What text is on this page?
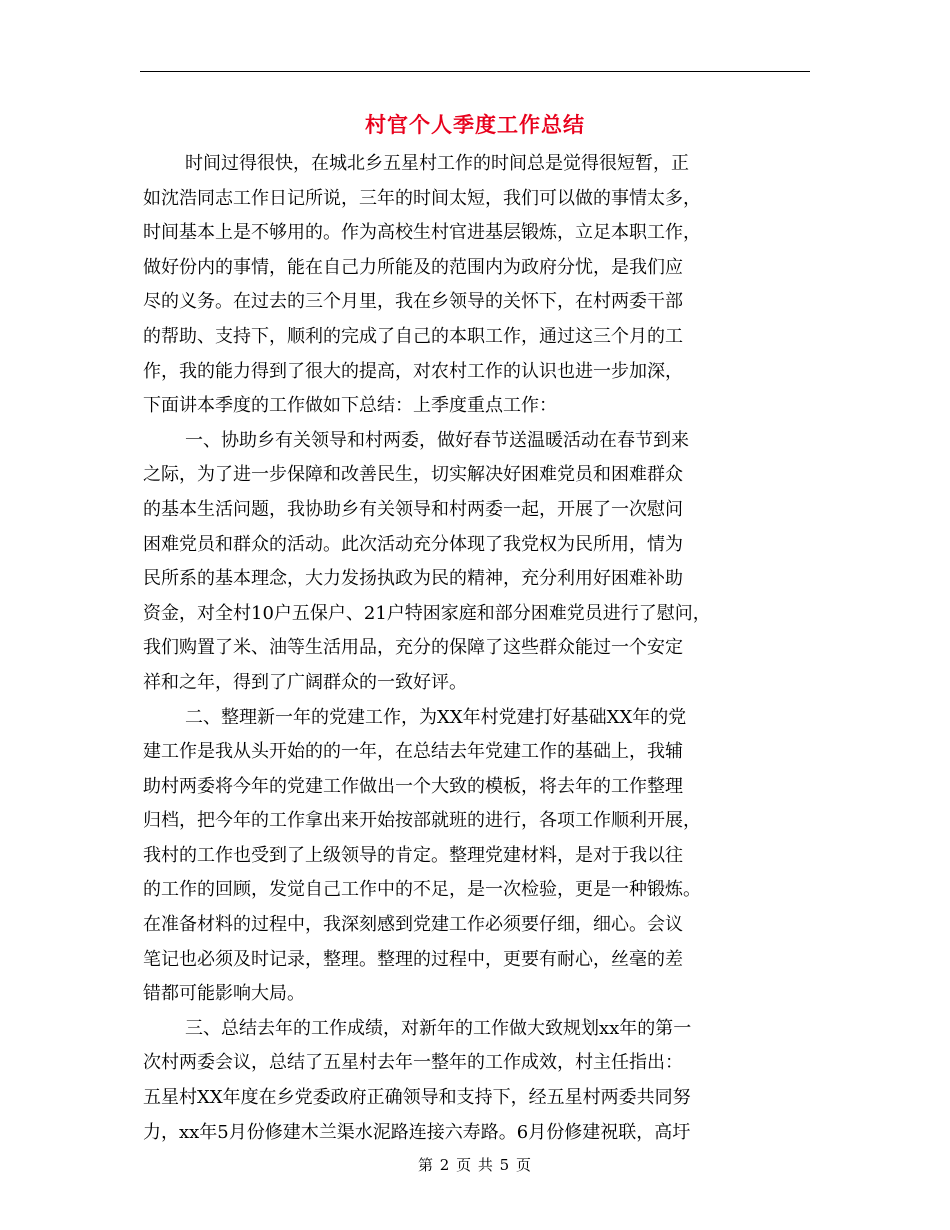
村官个人季度工作总结
时间过得很快，在城北乡五星村工作的时间总是觉得很短暂，正
如沈浩同志工作日记所说，三年的时间太短，我们可以做的事情太多，
时间基本上是不够用的。作为高校生村官进基层锻炼，立足本职工作，
做好份内的事情，能在自己力所能及的范围内为政府分忧，是我们应
尽的义务。在过去的三个月里，我在乡领导的关怀下，在村两委干部
的帮助、支持下，顺利的完成了自己的本职工作，通过这三个月的工
作，我的能力得到了很大的提高，对农村工作的认识也进一步加深，
下面讲本季度的工作做如下总结：上季度重点工作：
一、协助乡有关领导和村两委，做好春节送温暖活动在春节到来
之际，为了进一步保障和改善民生，切实解决好困难党员和困难群众
的基本生活问题，我协助乡有关领导和村两委一起，开展了一次慰问
困难党员和群众的活动。此次活动充分体现了我党权为民所用，情为
民所系的基本理念，大力发扬执政为民的精神，充分利用好困难补助
资金，对全村10户五保户、21户特困家庭和部分困难党员进行了慰问，
我们购置了米、油等生活用品，充分的保障了这些群众能过一个安定
祥和之年，得到了广阔群众的一致好评。
二、整理新一年的党建工作，为XX年村党建打好基础XX年的党
建工作是我从头开始的的一年，在总结去年党建工作的基础上，我辅
助村两委将今年的党建工作做出一个大致的模板，将去年的工作整理
归档，把今年的工作拿出来开始按部就班的进行，各项工作顺利开展，
我村的工作也受到了上级领导的肯定。整理党建材料，是对于我以往
的工作的回顾，发觉自己工作中的不足，是一次检验，更是一种锻炼。
在准备材料的过程中，我深刻感到党建工作必须要仔细，细心。会议
笔记也必须及时记录，整理。整理的过程中，更要有耐心，丝毫的差
错都可能影响大局。
三、总结去年的工作成绩，对新年的工作做大致规划xx年的第一
次村两委会议，总结了五星村去年一整年的工作成效，村主任指出：
五星村XX年度在乡党委政府正确领导和支持下，经五星村两委共同努
力，xx年5月份修建木兰渠水泥路连接六寿路。6月份修建祝联，高圩
第 2 页 共 5 页
